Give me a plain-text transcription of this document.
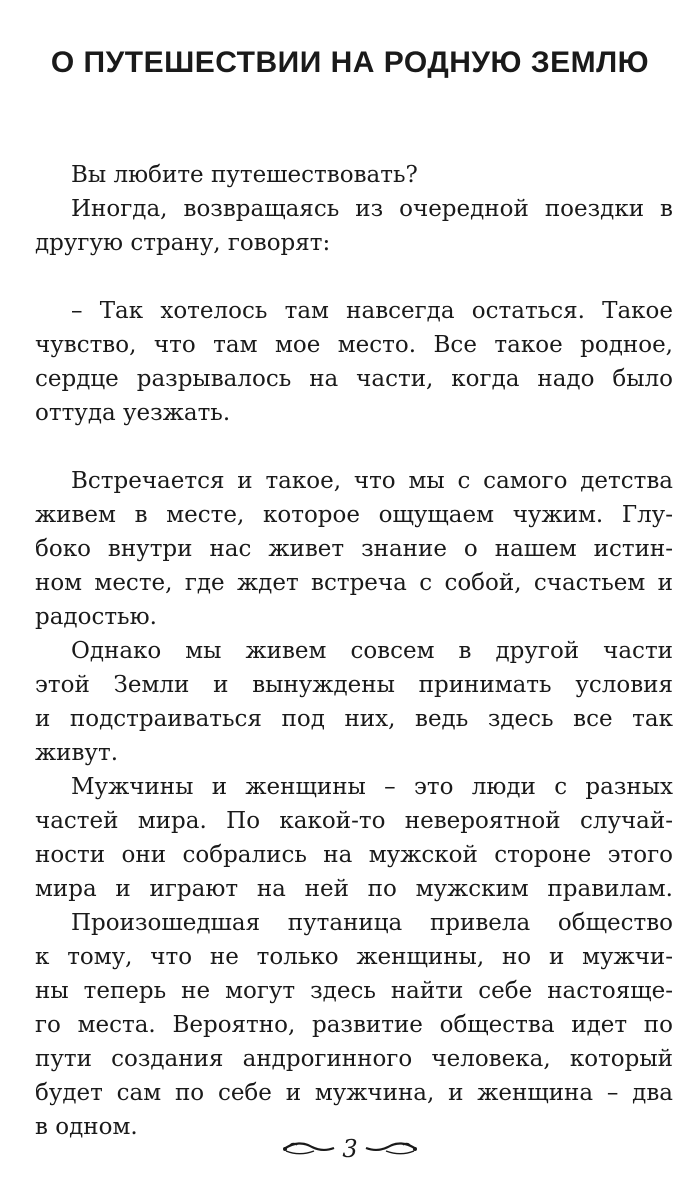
О ПУТЕШЕСТВИИ НА РОДНУЮ ЗЕМЛЮ
Вы любите путешествовать?
Иногда, возвращаясь из очередной поездки в
другую страну, говорят:
– Так хотелось там навсегда остаться. Такое
чувство, что там мое место. Все такое родное,
сердце разрывалось на части, когда надо было
оттуда уезжать.
Встречается и такое, что мы с самого детства
живем в месте, которое ощущаем чужим. Глу-
боко внутри нас живет знание о нашем истин-
ном месте, где ждет встреча с собой, счастьем и
радостью.
Однако мы живем совсем в другой части
этой Земли и вынуждены принимать условия
и подстраиваться под них, ведь здесь все так
живут.
Мужчины и женщины – это люди с разных
частей мира. По какой-то невероятной случай-
ности они собрались на мужской стороне этого
мира и играют на ней по мужским правилам.
Произошедшая путаница привела общество
к тому, что не только женщины, но и мужчи-
ны теперь не могут здесь найти себе настояще-
го места. Вероятно, развитие общества идет по
пути создания андрогинного человека, который
будет сам по себе и мужчина, и женщина – два
в одном.
3
